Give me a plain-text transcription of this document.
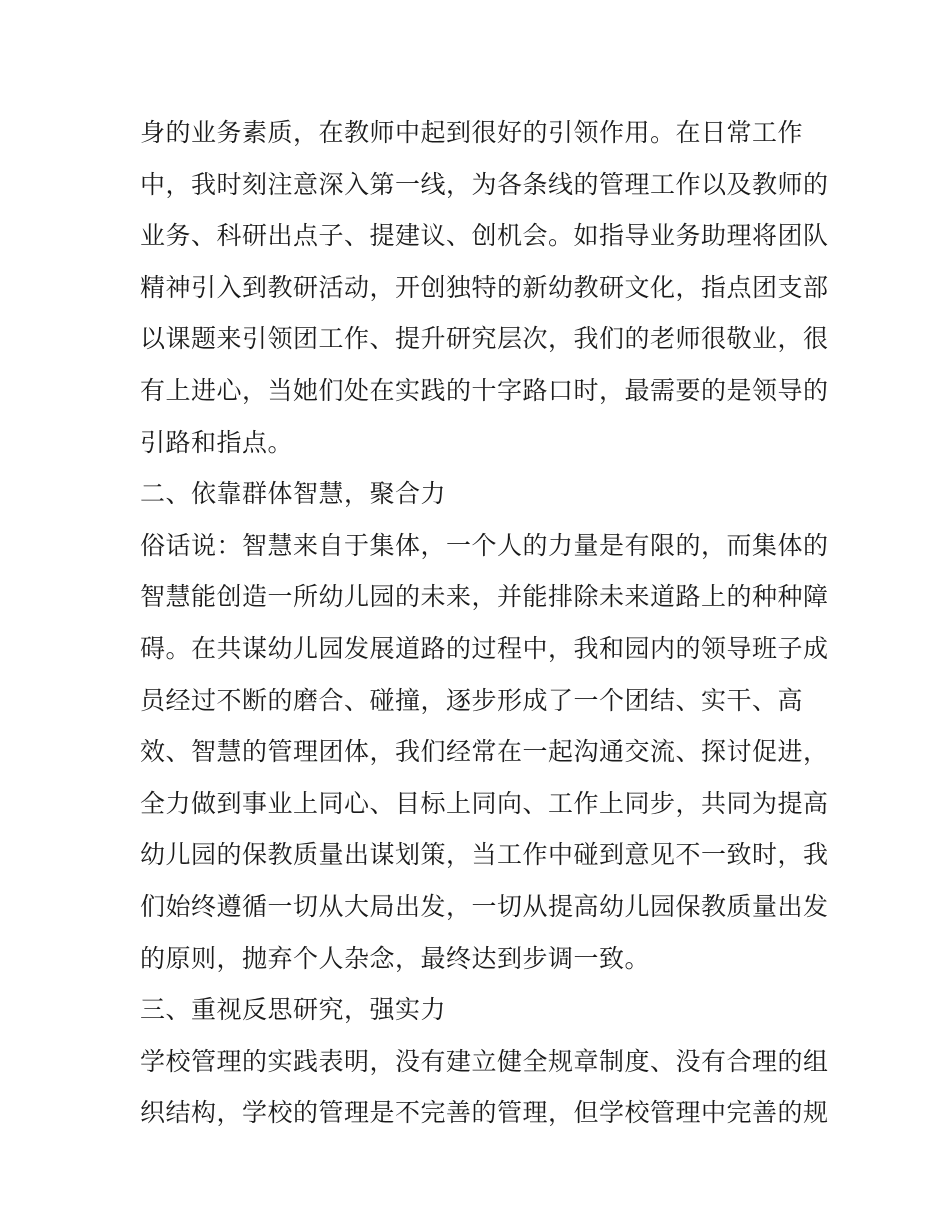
身的业务素质，在教师中起到很好的引领作用。在日常工作
中，我时刻注意深入第一线，为各条线的管理工作以及教师的
业务、科研出点子、提建议、创机会。如指导业务助理将团队
精神引入到教研活动，开创独特的新幼教研文化，指点团支部
以课题来引领团工作、提升研究层次，我们的老师很敬业，很
有上进心，当她们处在实践的十字路口时，最需要的是领导的
引路和指点。
二、依靠群体智慧，聚合力
俗话说：智慧来自于集体，一个人的力量是有限的，而集体的
智慧能创造一所幼儿园的未来，并能排除未来道路上的种种障
碍。在共谋幼儿园发展道路的过程中，我和园内的领导班子成
员经过不断的磨合、碰撞，逐步形成了一个团结、实干、高
效、智慧的管理团体，我们经常在一起沟通交流、探讨促进，
全力做到事业上同心、目标上同向、工作上同步，共同为提高
幼儿园的保教质量出谋划策，当工作中碰到意见不一致时，我
们始终遵循一切从大局出发，一切从提高幼儿园保教质量出发
的原则，抛弃个人杂念，最终达到步调一致。
三、重视反思研究，强实力
学校管理的实践表明，没有建立健全规章制度、没有合理的组
织结构，学校的管理是不完善的管理，但学校管理中完善的规
